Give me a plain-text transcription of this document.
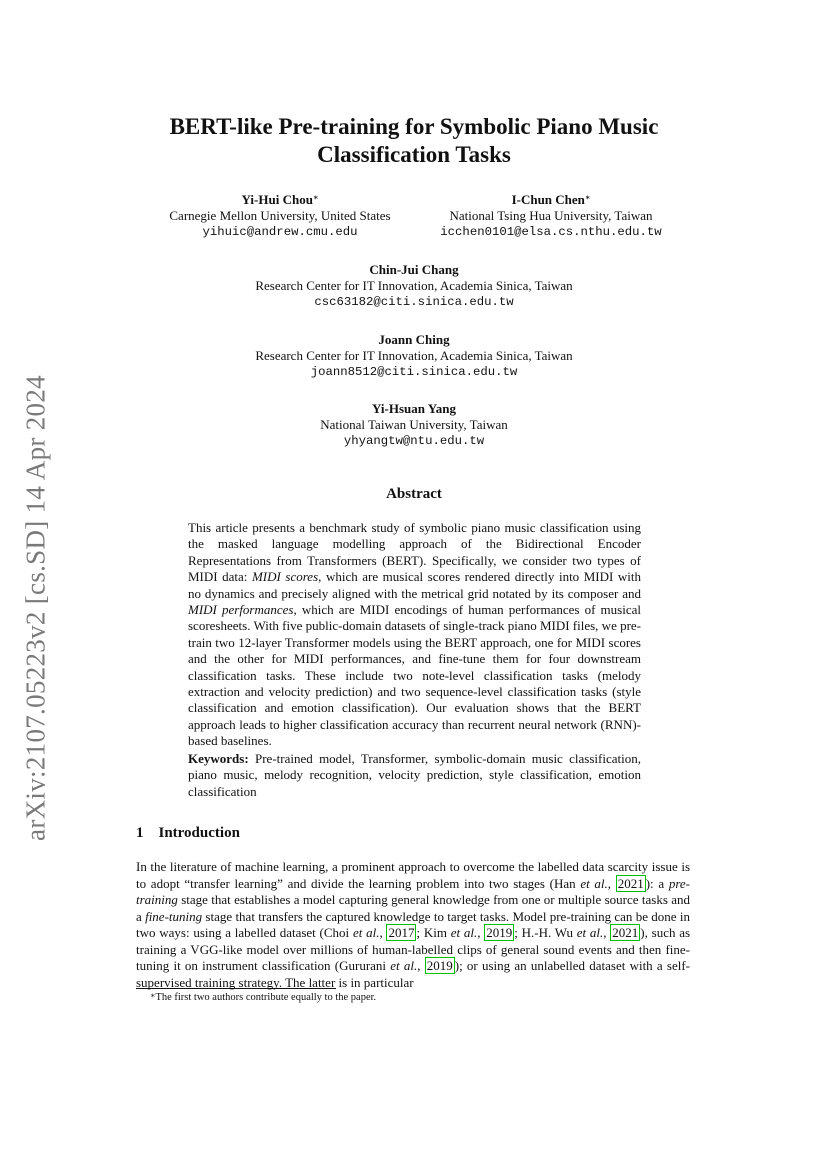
arXiv:2107.05223v2 [cs.SD] 14 Apr 2024
BERT-like Pre-training for Symbolic Piano Music
Classification Tasks
Yi-Hui Chou∗
Carnegie Mellon University, United States
yihuic@andrew.cmu.edu
I-Chun Chen∗
National Tsing Hua University, Taiwan
icchen0101@elsa.cs.nthu.edu.tw
Chin-Jui Chang
Research Center for IT Innovation, Academia Sinica, Taiwan
csc63182@citi.sinica.edu.tw
Joann Ching
Research Center for IT Innovation, Academia Sinica, Taiwan
joann8512@citi.sinica.edu.tw
Yi-Hsuan Yang
National Taiwan University, Taiwan
yhyangtw@ntu.edu.tw
Abstract
This article presents a benchmark study of symbolic piano music classification using the masked language modelling approach of the Bidirectional Encoder Representations from Transformers (BERT). Specifically, we consider two types of MIDI data: MIDI scores, which are musical scores rendered directly into MIDI with no dynamics and precisely aligned with the metrical grid notated by its composer and MIDI performances, which are MIDI encodings of human performances of musical scoresheets. With five public-domain datasets of single-track piano MIDI files, we pre-train two 12-layer Transformer models using the BERT approach, one for MIDI scores and the other for MIDI performances, and fine-tune them for four downstream classification tasks. These include two note-level classification tasks (melody extraction and velocity prediction) and two sequence-level classification tasks (style classification and emotion classification). Our evaluation shows that the BERT approach leads to higher classification accuracy than recurrent neural network (RNN)-based baselines.
Keywords: Pre-trained model, Transformer, symbolic-domain music classification, piano music, melody recognition, velocity prediction, style classification, emotion classification
1 Introduction
In the literature of machine learning, a prominent approach to overcome the labelled data scarcity issue is to adopt “transfer learning” and divide the learning problem into two stages (Han et al., 2021 ): a pre-training stage that establishes a model capturing general knowledge from one or multiple source tasks and a fine-tuning stage that transfers the captured knowledge to target tasks. Model pre-training can be done in two ways: using a labelled dataset (Choi et al., 2017 ; Kim et al., 2019 ; H.-H. Wu et al., 2021 ), such as training a VGG-like model over millions of human-labelled clips of general sound events and then fine-tuning it on instrument classification (Gururani et al., 2019 ); or using an unlabelled dataset with a self-supervised training strategy. The latter is in particular
∗The first two authors contribute equally to the paper.
